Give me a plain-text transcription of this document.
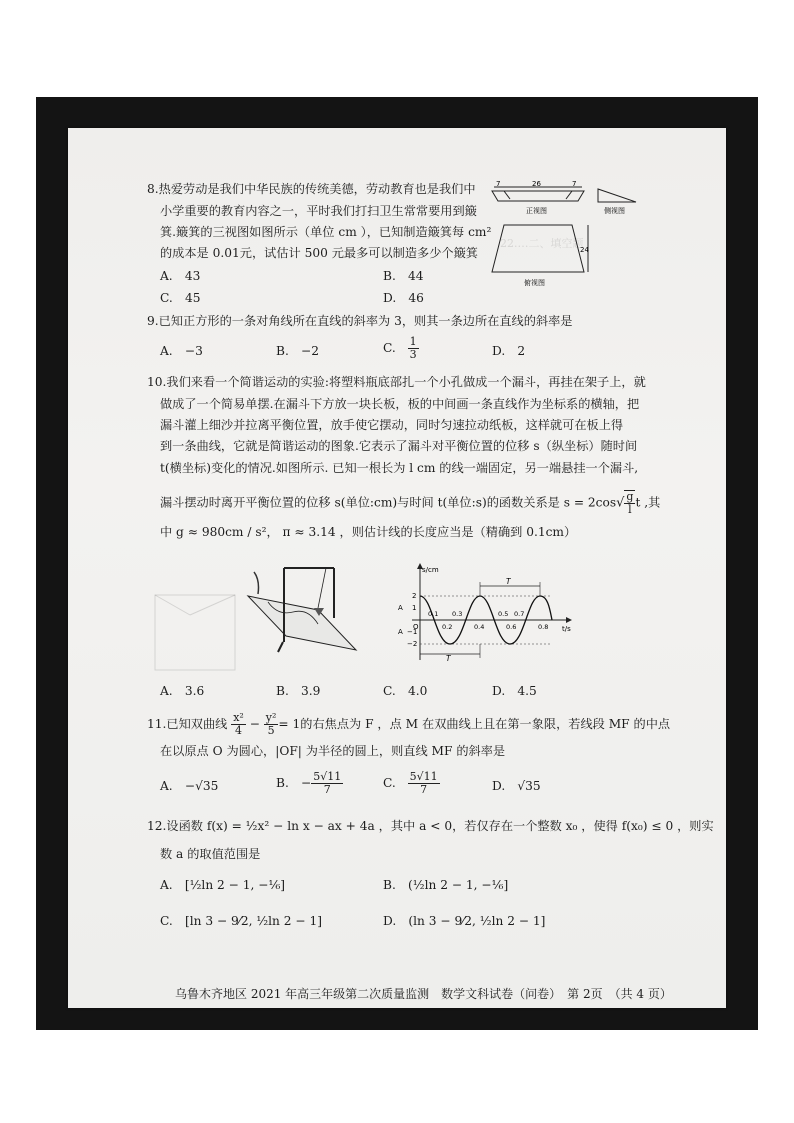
22.…二、填空题
8.热爱劳动是我们中华民族的传统美德，劳动教育也是我们中
小学重要的教育内容之一，平时我们打扫卫生常常要用到簸
箕.簸箕的三视图如图所示（单位 cm ），已知制造簸箕每 cm²
的成本是 0.01元，试估计 500 元最多可以制造多少个簸箕
A.　43	B.　44
C.　45	D.　46
7	26	7
正视图	侧视图
24
俯视图
9.已知正方形的一条对角线所在直线的斜率为 3，则其一条边所在直线的斜率是
A.　−3	B.　−2	C. $\frac{1}{3}$	D.　2
10.我们来看一个简谐运动的实验:将塑料瓶底部扎一个小孔做成一个漏斗，再挂在架子上，就
做成了一个简易单摆.在漏斗下方放一块长板，板的中间画一条直线作为坐标系的横轴，把
漏斗灌上细沙并拉离平衡位置，放手使它摆动，同时匀速拉动纸板，这样就可在板上得
到一条曲线，它就是简谐运动的图象.它表示了漏斗对平衡位置的位移 s（纵坐标）随时间
t(横坐标)变化的情况.如图所示. 已知一根长为 l cm 的线一端固定，另一端悬挂一个漏斗,
漏斗摆动时离开平衡位置的位移 s(单位:cm)与时间 t(单位:s)的函数关系是 $s = 2\cos√ \frac{g}{l}$ t ,其
中 g ≈ 980cm / s²， π ≈ 3.14 ，则估计线的长度应当是（精确到 0.1cm）
s/cm
t/s
O
2
1
−1
−2
A
A
0.1 0.3	0.5 0.7
0.2	0.4	0.6	0.8
T
T
A.　3.6	B.　3.9	C.　4.0	D.　4.5
11.已知双曲线 $\frac{\text{x²}}{4} - \frac{\text{y²}}{5} = 1$的右焦点为 F ，点 M 在双曲线上且在第一象限，若线段 MF 的中点
在以原点 O 为圆心，|OF| 为半径的圆上，则直线 MF 的斜率是
A.　−√35	B.　− $\frac{5√11}{7}$	C. $\frac{5√11}{7}$	D.　√35
12.设函数 f(x) = ½x² − ln x − ax + 4a ，其中 a < 0，若仅存在一个整数 x₀ ，使得 f(x₀) ≤ 0 ，则实
数 a 的取值范围是
A.　[½ln 2 − 1, −⅙]	B.　(½ln 2 − 1, −⅙]
C.　[ln 3 − 9⁄2, ½ln 2 − 1]	D.　(ln 3 − 9⁄2, ½ln 2 − 1]
乌鲁木齐地区 2021 年高三年级第二次质量监测　数学文科试卷（问卷）　第 2页　（共 4 页）
